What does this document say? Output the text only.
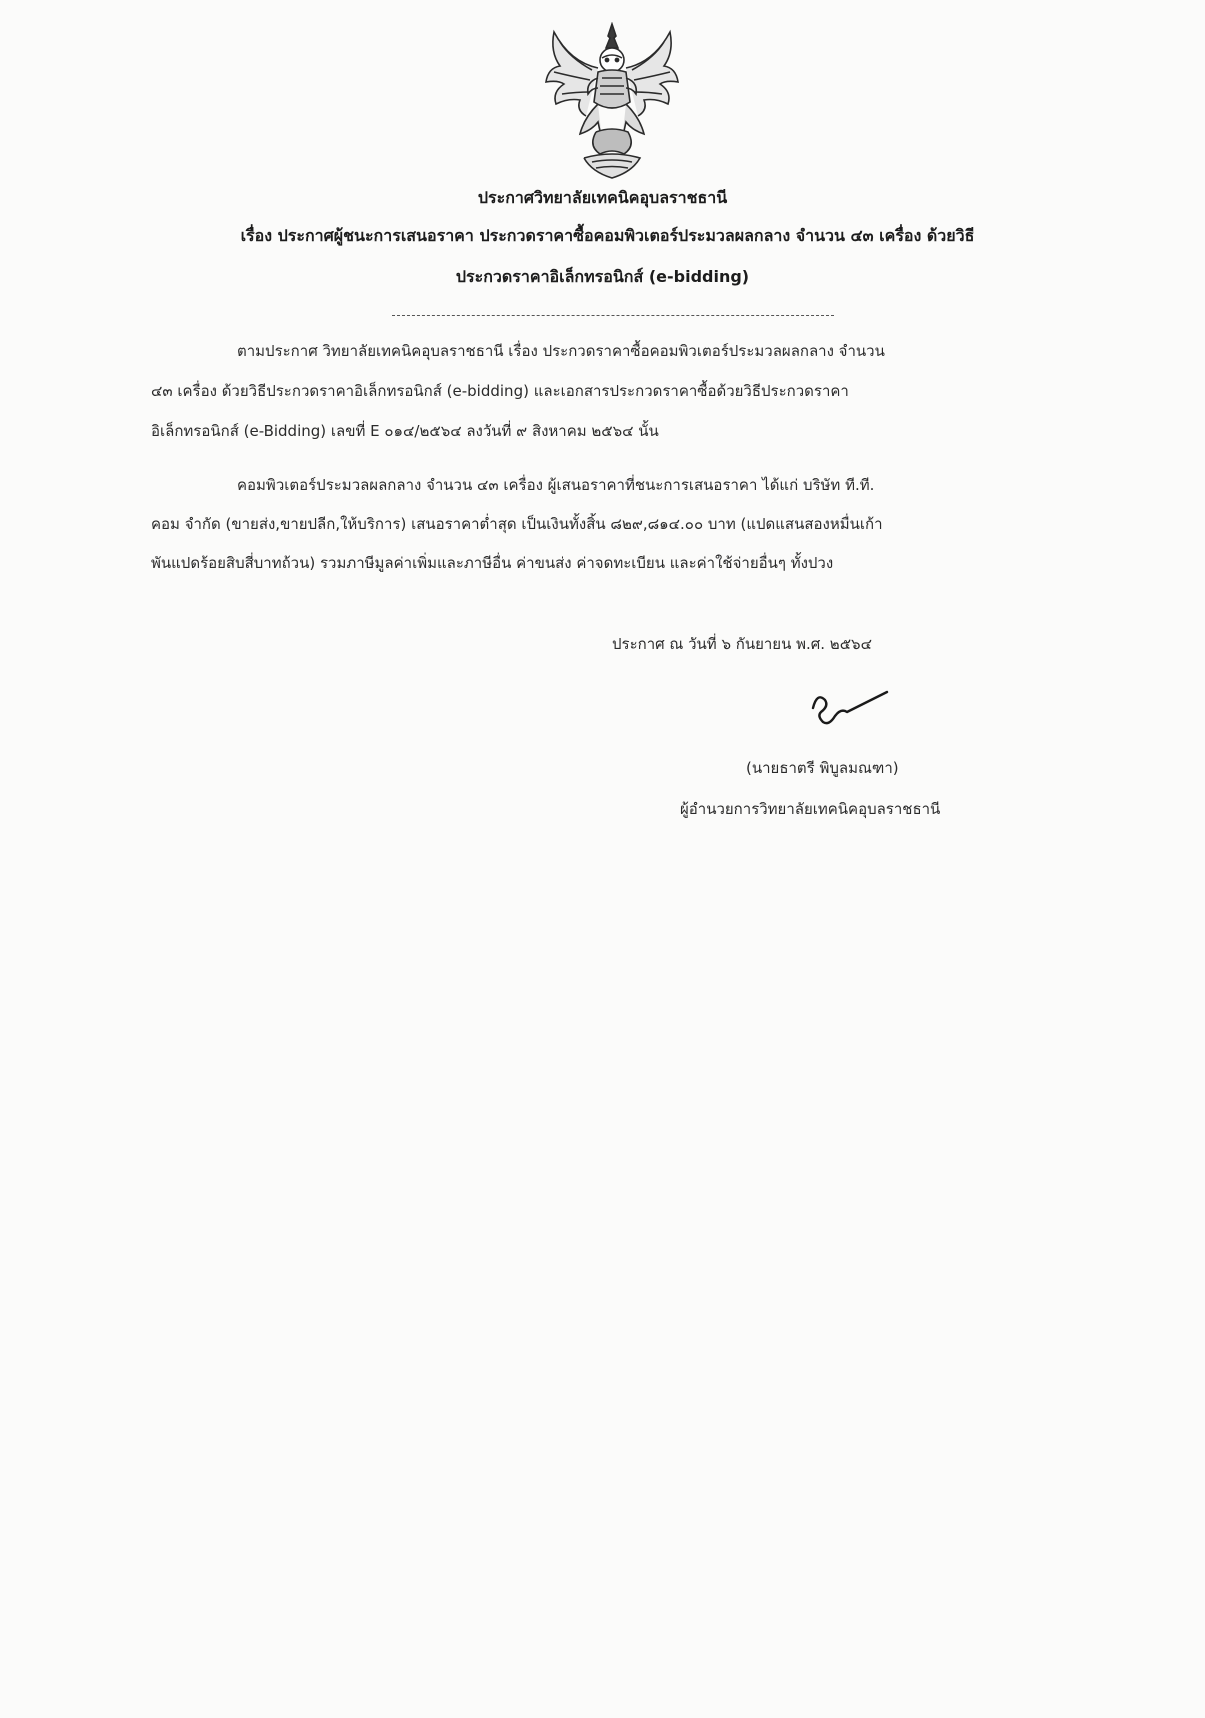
ประกาศวิทยาลัยเทคนิคอุบลราชธานี
เรื่อง ประกาศผู้ชนะการเสนอราคา ประกวดราคาซื้อคอมพิวเตอร์ประมวลผลกลาง จำนวน ๔๓ เครื่อง ด้วยวิธี
ประกวดราคาอิเล็กทรอนิกส์ (e-bidding)
ตามประกาศ วิทยาลัยเทคนิคอุบลราชธานี เรื่อง ประกวดราคาซื้อคอมพิวเตอร์ประมวลผลกลาง จำนวน
๔๓ เครื่อง ด้วยวิธีประกวดราคาอิเล็กทรอนิกส์ (e-bidding) และเอกสารประกวดราคาซื้อด้วยวิธีประกวดราคา
อิเล็กทรอนิกส์ (e-Bidding) เลขที่ E ๐๑๔/๒๕๖๔ ลงวันที่ ๙ สิงหาคม ๒๕๖๔ นั้น
คอมพิวเตอร์ประมวลผลกลาง จำนวน ๔๓ เครื่อง ผู้เสนอราคาที่ชนะการเสนอราคา ได้แก่ บริษัท ที.ที.
คอม จำกัด (ขายส่ง,ขายปลีก,ให้บริการ) เสนอราคาต่ำสุด เป็นเงินทั้งสิ้น ๘๒๙,๘๑๔.๐๐ บาท (แปดแสนสองหมื่นเก้า
พันแปดร้อยสิบสี่บาทถ้วน) รวมภาษีมูลค่าเพิ่มและภาษีอื่น ค่าขนส่ง ค่าจดทะเบียน และค่าใช้จ่ายอื่นๆ ทั้งปวง
ประกาศ ณ วันที่ ๖ กันยายน พ.ศ. ๒๕๖๔
(นายธาตรี พิบูลมณฑา)
ผู้อำนวยการวิทยาลัยเทคนิคอุบลราชธานี
